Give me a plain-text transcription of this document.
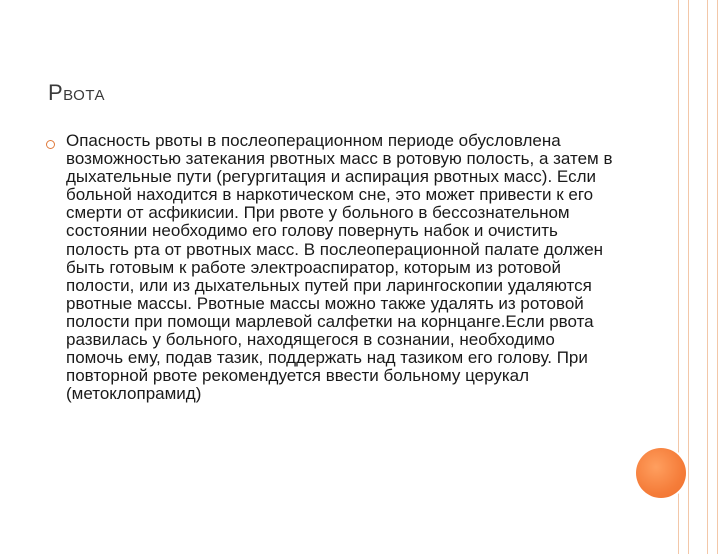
Рвота

Опасность рвоты в послеоперационном периоде обусловлена возможностью затекания рвотных масс в ротовую полость, а затем в дыхательные пути (регургитация и аспирация рвотных масс). Если больной находится в наркотическом сне, это может привести к его смерти от асфикисии. При рвоте у больного в бессознательном состоянии необходимо его голову повернуть набок и очистить полость рта от рвотных масс. В послеоперационной палате должен быть готовым к работе электроаспиратор, которым из ротовой полости, или из дыхательных путей при ларингоскопии удаляются рвотные массы. Рвотные массы можно также удалять из ротовой полости при помощи марлевой салфетки на корнцанге.Если рвота развилась у больного, находящегося в сознании, необходимо помочь ему, подав тазик, поддержать над тазиком его голову. При повторной рвоте рекомендуется ввести больному церукал (метоклопрамид)
